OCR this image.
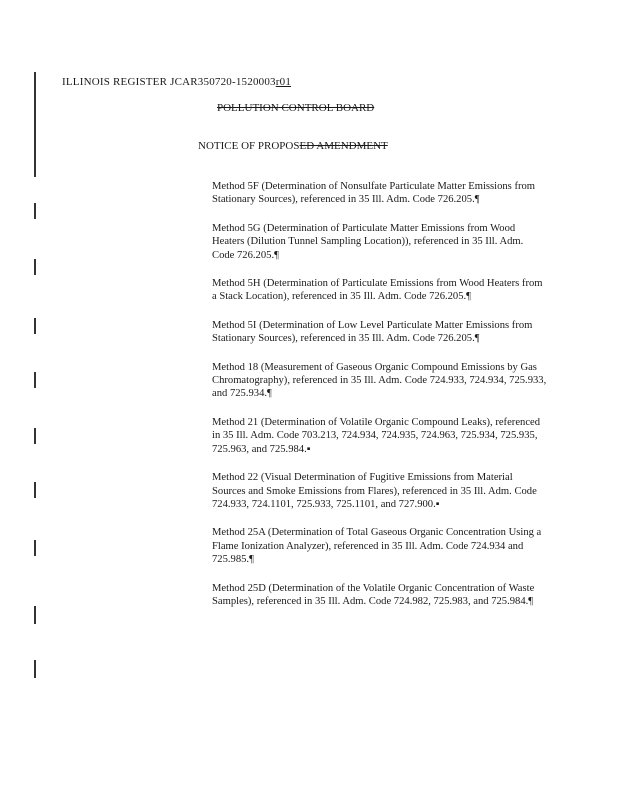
ILLINOIS REGISTER JCAR350720-1520003r01
POLLUTION CONTROL BOARD
NOTICE OF PROPOSED AMENDMENT

Method 5F (Determination of Nonsulfate Particulate Matter Emissions from Stationary Sources), referenced in 35 Ill. Adm. Code 726.205.¶

Method 5G (Determination of Particulate Matter Emissions from Wood Heaters (Dilution Tunnel Sampling Location)), referenced in 35 Ill. Adm. Code 726.205.¶

Method 5H (Determination of Particulate Emissions from Wood Heaters from a Stack Location), referenced in 35 Ill. Adm. Code 726.205.¶

Method 5I (Determination of Low Level Particulate Matter Emissions from Stationary Sources), referenced in 35 Ill. Adm. Code 726.205.¶

Method 18 (Measurement of Gaseous Organic Compound Emissions by Gas Chromatography), referenced in 35 Ill. Adm. Code 724.933, 724.934, 725.933, and 725.934.¶

Method 21 (Determination of Volatile Organic Compound Leaks), referenced in 35 Ill. Adm. Code 703.213, 724.934, 724.935, 724.963, 725.934, 725.935, 725.963, and 725.984.▪

Method 22 (Visual Determination of Fugitive Emissions from Material Sources and Smoke Emissions from Flares), referenced in 35 Ill. Adm. Code 724.933, 724.1101, 725.933, 725.1101, and 727.900.▪

Method 25A (Determination of Total Gaseous Organic Concentration Using a Flame Ionization Analyzer), referenced in 35 Ill. Adm. Code 724.934 and 725.985.¶

Method 25D (Determination of the Volatile Organic Concentration of Waste Samples), referenced in 35 Ill. Adm. Code 724.982, 725.983, and 725.984.¶
